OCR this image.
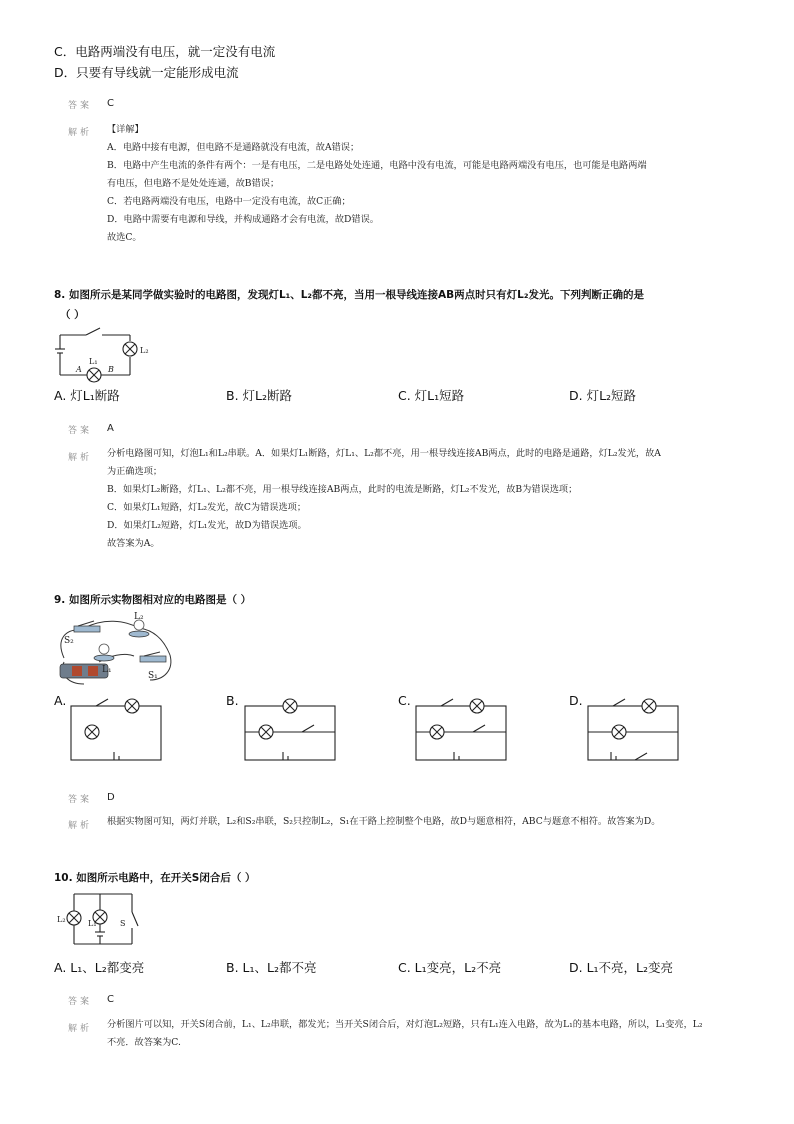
C．电路两端没有电压，就一定没有电流
D．只要有导线就一定能形成电流
答案 C
解析 【详解】
A．电路中接有电源，但电路不是通路就没有电流，故A错误；
B．电路中产生电流的条件有两个：一是有电压，二是电路处处连通，电路中没有电流，可能是电路两端没有电压，也可能是电路两端
有电压，但电路不是处处连通，故B错误；
C．若电路两端没有电压，电路中一定没有电流，故C正确；
D．电路中需要有电源和导线，并构成通路才会有电流，故D错误。
故选C。
8. 如图所示是某同学做实验时的电路图，发现灯L₁、L₂都不亮，当用一根导线连接AB两点时只有灯L₂发光。下列判断正确的是
（ ）
L₂
L₁
A	B
A. 灯L₁断路	B. 灯L₂断路	C. 灯L₁短路	D. 灯L₂短路
答案 A
解析 分析电路图可知，灯泡L₁和L₂串联。A．如果灯L₁断路，灯L₁、L₂都不亮，用一根导线连接AB两点，此时的电路是通路，灯L₂发光，故A
为正确选项；
B．如果灯L₂断路，灯L₁、L₂都不亮，用一根导线连接AB两点，此时的电流是断路，灯L₂不发光，故B为错误选项；
C．如果灯L₁短路，灯L₂发光，故C为错误选项；
D．如果灯L₂短路，灯L₁发光，故D为错误选项。
故答案为A。
9. 如图所示实物图相对应的电路图是（ ）
L₂
S₂
L₁
S₁
A.	B.	C.	D.
答案 D
解析 根据实物图可知，两灯并联，L₂和S₂串联，S₂只控制L₂，S₁在干路上控制整个电路，故D与题意相符，ABC与题意不相符。故答案为D。
10. 如图所示电路中，在开关S闭合后（ ）
L₂	L₁	S
A. L₁、L₂都变亮	B. L₁、L₂都不亮	C. L₁变亮，L₂不亮	D. L₁不亮，L₂变亮
答案 C
解析 分析图片可以知，开关S闭合前，L₁、L₂串联，都发光；当开关S闭合后，对灯泡L₂短路，只有L₁连入电路，故为L₁的基本电路，所以，L₁变亮，L₂
不亮．故答案为C.
